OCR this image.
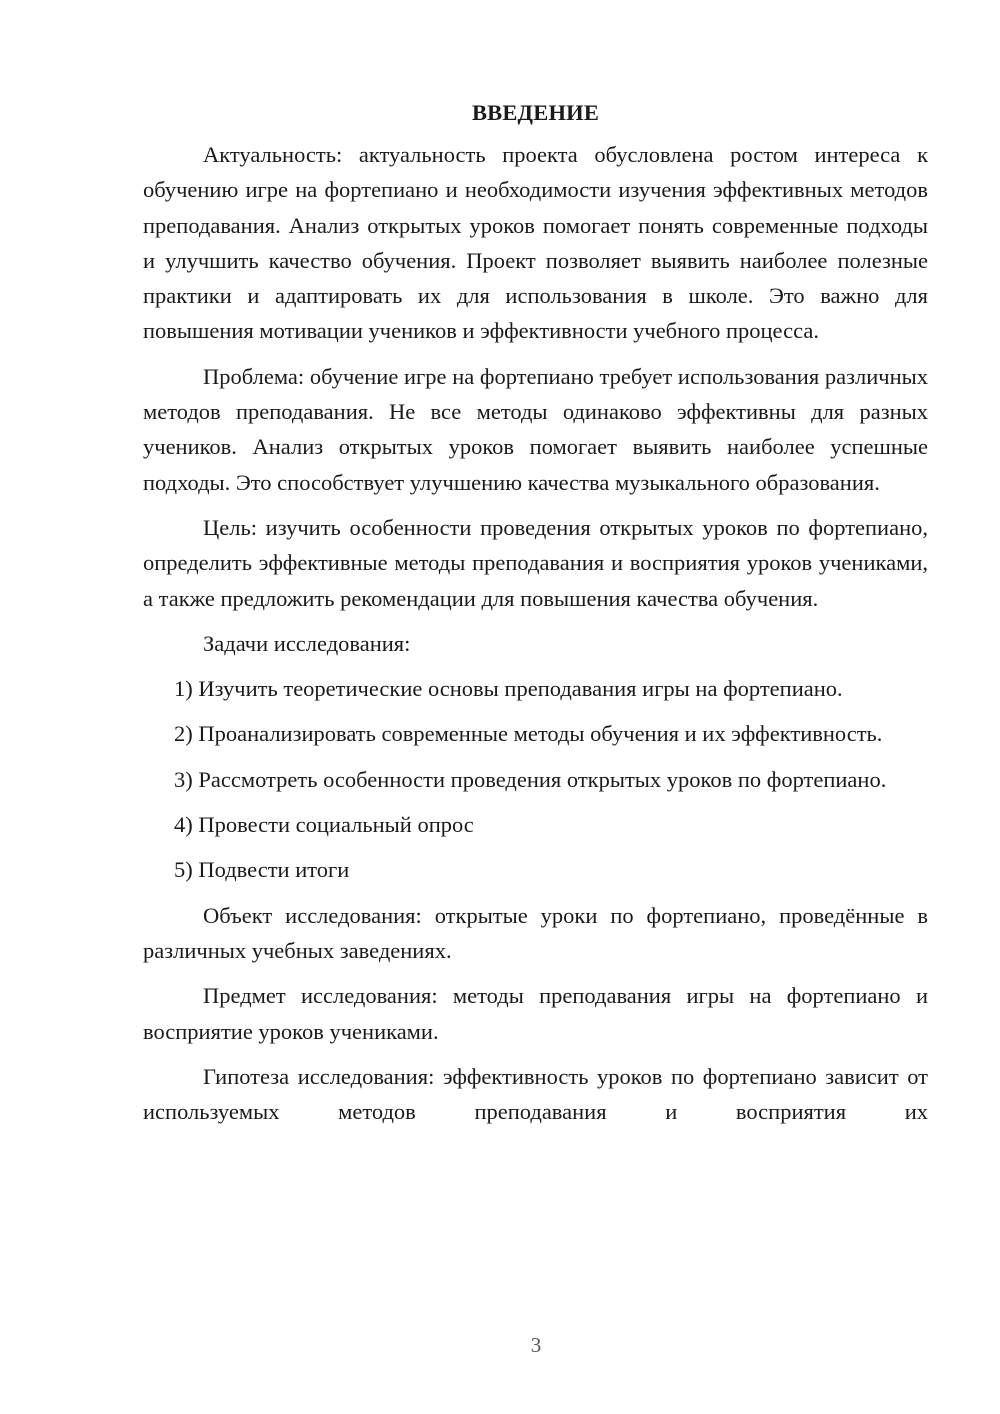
ВВЕДЕНИЕ

Актуальность: актуальность проекта обусловлена ростом интереса к обучению игре на фортепиано и необходимости изучения эффективных методов преподавания. Анализ открытых уроков помогает понять современные подходы и улучшить качество обучения. Проект позволяет выявить наиболее полезные практики и адаптировать их для использования в школе. Это важно для повышения мотивации учеников и эффективности учебного процесса.

Проблема: обучение игре на фортепиано требует использования различных методов преподавания. Не все методы одинаково эффективны для разных учеников. Анализ открытых уроков помогает выявить наиболее успешные подходы. Это способствует улучшению качества музыкального образования.

Цель: изучить особенности проведения открытых уроков по фортепиано, определить эффективные методы преподавания и восприятия уроков учениками, а также предложить рекомендации для повышения качества обучения.

Задачи исследования:

1) Изучить теоретические основы преподавания игры на фортепиано.

2) Проанализировать современные методы обучения и их эффективность.

3) Рассмотреть особенности проведения открытых уроков по фортепиано.

4) Провести социальный опрос

5) Подвести итоги

Объект исследования: открытые уроки по фортепиано, проведённые в различных учебных заведениях.

Предмет исследования: методы преподавания игры на фортепиано и восприятие уроков учениками.

Гипотеза исследования: эффективность уроков по фортепиано зависит от используемых методов преподавания и восприятия их

3
